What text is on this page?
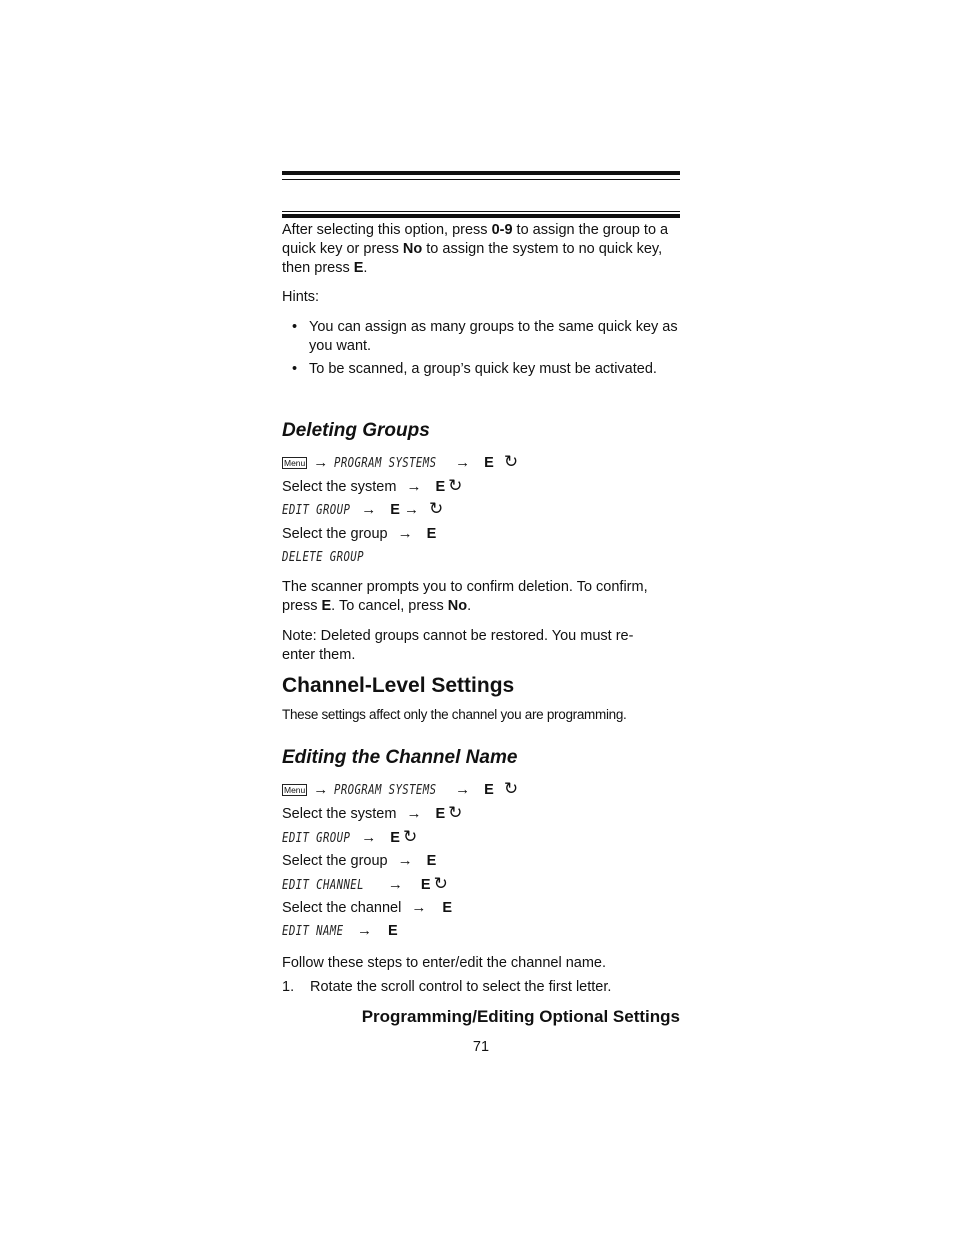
After selecting this option, press 0-9 to assign the group to a quick key or press No to assign the system to no quick key, then press E.

Hints:

• You can assign as many groups to the same quick key as you want.
• To be scanned, a group’s quick key must be activated.
Deleting Groups
Menu → PROGRAM SYSTEMS → E ↻
Select the system → E ↻
EDIT GROUP → E → ↻
Select the group → E
DELETE GROUP

The scanner prompts you to confirm deletion. To confirm, press E. To cancel, press No.

Note: Deleted groups cannot be restored. You must re-enter them.

Channel-Level Settings

These settings affect only the channel you are programming.

Editing the Channel Name
Menu → PROGRAM SYSTEMS → E ↻
Select the system → E ↻
EDIT GROUP → E ↻
Select the group → E
EDIT CHANNEL → E ↻
Select the channel → E
EDIT NAME → E

Follow these steps to enter/edit the channel name.

1. Rotate the scroll control to select the first letter.
Programming/Editing Optional Settings
71
